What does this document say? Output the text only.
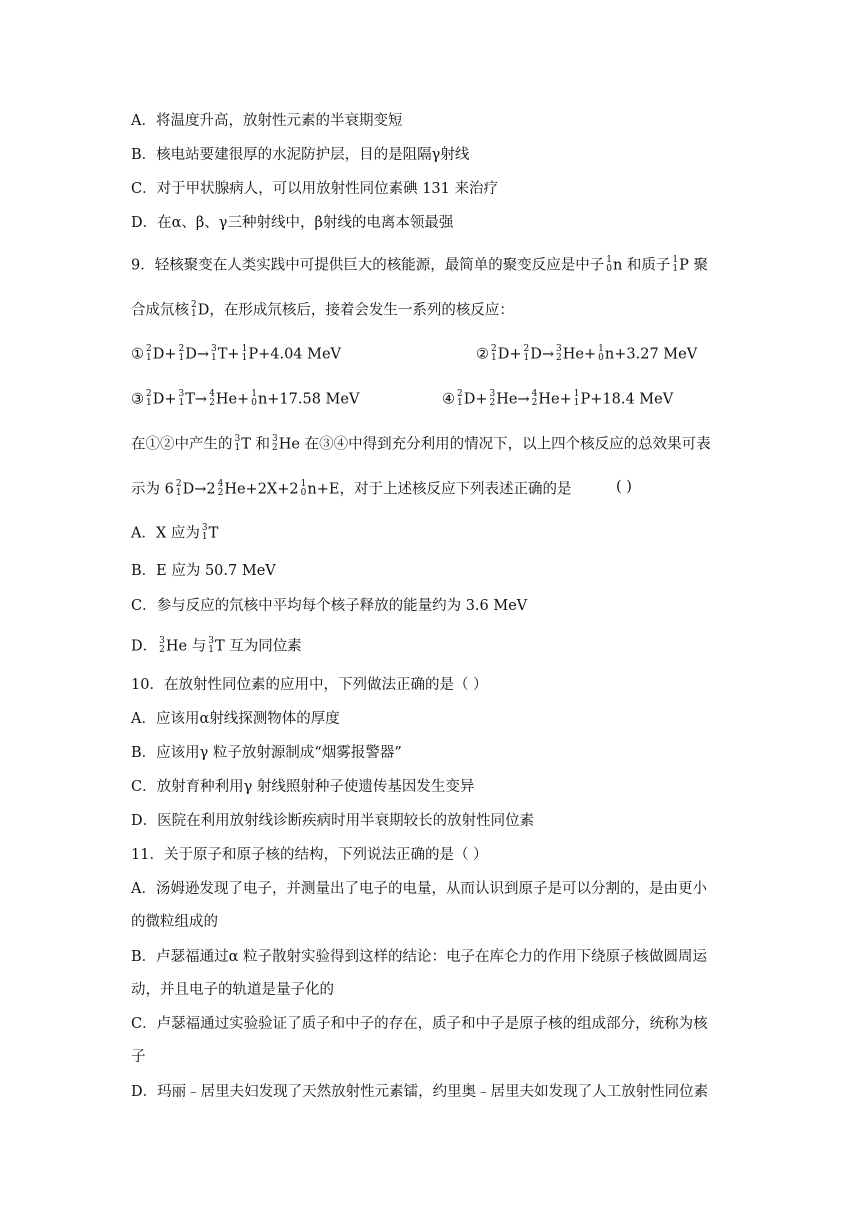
A．将温度升高，放射性元素的半衰期变短
B．核电站要建很厚的水泥防护层，目的是阻隔γ射线
C．对于甲状腺病人，可以用放射性同位素碘 131 来治疗
D．在α、β、γ三种射线中，β射线的电离本领最强
9．轻核聚变在人类实践中可提供巨大的核能源，最简单的聚变反应是中子 1
0 n 和质子 1
1 P 聚
合成氘核 2
1 D，在形成氘核后，接着会发生一系列的核反应：
① 2
1 D+ 2
1 D→ 3
1 T+ 1
1 P+4.04 MeV	② 2
1 D+ 2
1 D→ 3
2 He+ 1
0 n+3.27 MeV
③ 2
1 D+ 3
1 T→ 4
2 He+ 1
0 n+17.58 MeV	④ 2
1 D+ 3
2 He→ 4
2 He+ 1
1 P+18.4 MeV
在①②中产生的 3
1 T 和 3
2 He 在③④中得到充分利用的情况下，以上四个核反应的总效果可表
示为 6 2
1 D→2 4
2 He+2X+2 1
0 n+E，对于上述核反应下列表述正确的是	( )
A．X 应为 3
1 T
B．E 应为 50.7 MeV
C．参与反应的氘核中平均每个核子释放的能量约为 3.6 MeV
D． 3
2 He 与 3
1 T 互为同位素
10．在放射性同位素的应用中，下列做法正确的是（ ）
A．应该用α射线探测物体的厚度
B．应该用γ 粒子放射源制成“烟雾报警器”
C．放射育种利用γ 射线照射种子使遗传基因发生变异
D．医院在利用放射线诊断疾病时用半衰期较长的放射性同位素
11．关于原子和原子核的结构，下列说法正确的是（ ）
A．汤姆逊发现了电子，并测量出了电子的电量，从而认识到原子是可以分割的，是由更小
的微粒组成的
B．卢瑟福通过α 粒子散射实验得到这样的结论：电子在库仑力的作用下绕原子核做圆周运
动，并且电子的轨道是量子化的
C．卢瑟福通过实验验证了质子和中子的存在，质子和中子是原子核的组成部分，统称为核
子
D．玛丽﹣居里夫妇发现了天然放射性元素镭，约里奥﹣居里夫如发现了人工放射性同位素
